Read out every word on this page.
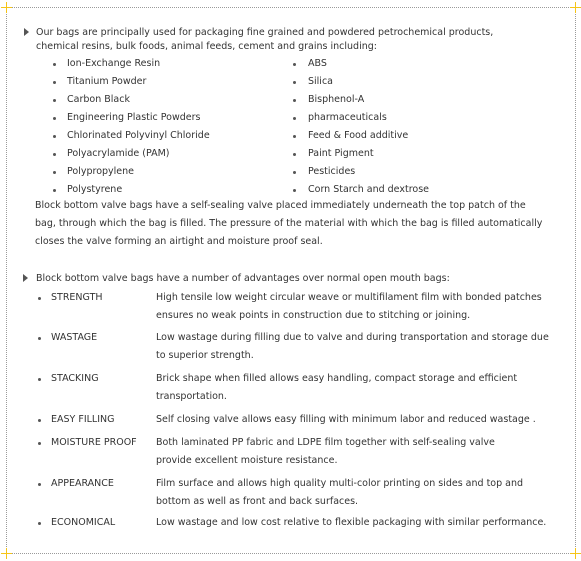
Our bags are principally used for packaging fine grained and powdered petrochemical products,
chemical resins, bulk foods, animal feeds, cement and grains including:
Ion-Exchange Resin
Titanium Powder
Carbon Black
Engineering Plastic Powders
Chlorinated Polyvinyl Chloride
Polyacrylamide (PAM)
Polypropylene
Polystyrene
ABS
Silica
Bisphenol-A
pharmaceuticals
Feed & Food additive
Paint Pigment
Pesticides
Corn Starch and dextrose
Block bottom valve bags have a self-sealing valve placed immediately underneath the top patch of the
bag, through which the bag is filled. The pressure of the material with which the bag is filled automatically
closes the valve forming an airtight and moisture proof seal.
Block bottom valve bags have a number of advantages over normal open mouth bags:
STRENGTH	High tensile low weight circular weave or multifilament film with bonded patches
ensures no weak points in construction due to stitching or joining.
WASTAGE	Low wastage during filling due to valve and during transportation and storage due
to superior strength.
STACKING	Brick shape when filled allows easy handling, compact storage and efficient
transportation.
EASY FILLING	Self closing valve allows easy filling with minimum labor and reduced wastage .
MOISTURE PROOF Both laminated PP fabric and LDPE film together with self-sealing valve
provide excellent moisture resistance.
APPEARANCE	Film surface and allows high quality multi-color printing on sides and top and
bottom as well as front and back surfaces.
ECONOMICAL	Low wastage and low cost relative to flexible packaging with similar performance.
